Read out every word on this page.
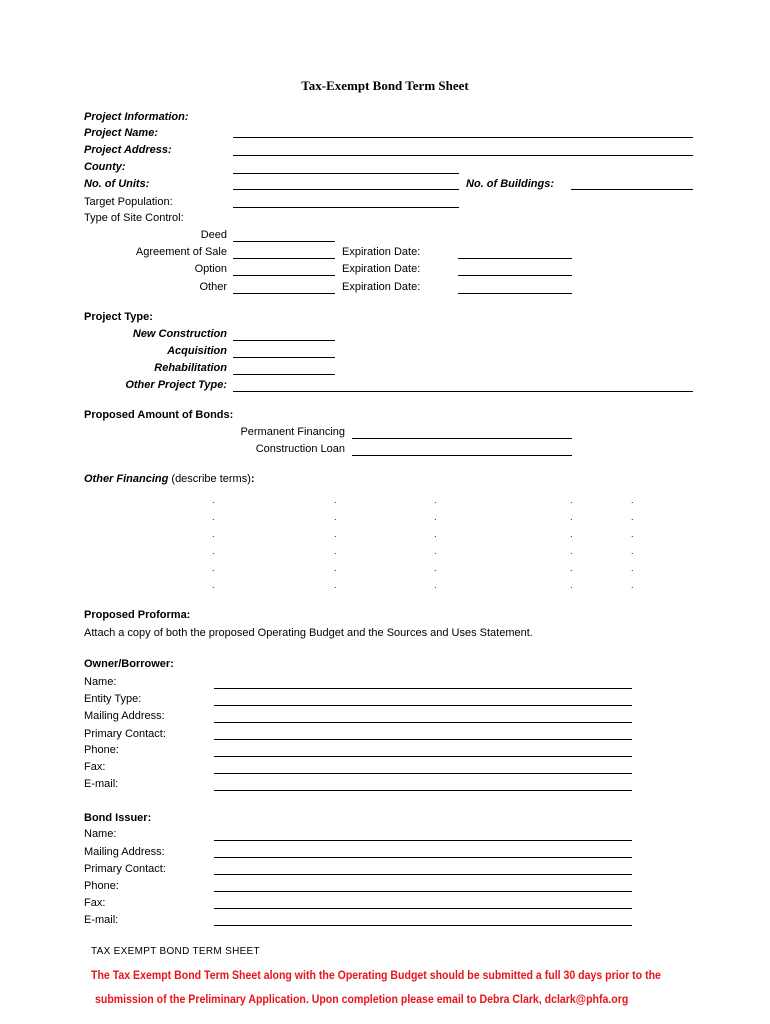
Tax-Exempt Bond Term Sheet
Project Information:
Project Name:
Project Address:
County:
No. of Units:	No. of Buildings:
Target Population:
Type of Site Control:
Deed
Agreement of Sale	Expiration Date:
Option	Expiration Date:
Other	Expiration Date:
Project Type:
New Construction
Acquisition
Rehabilitation
Other Project Type:
Proposed Amount of Bonds:
Permanent Financing
Construction Loan
Other Financing (describe terms):
.	.	.	.	.
.	.	.	.	.
.	.	.	.	.
.	.	.	.	.
.	.	.	.	.
.	.	.	.	.
Proposed Proforma:
Attach a copy of both the proposed Operating Budget and the Sources and Uses Statement.
Owner/Borrower:
Name:
Entity Type:
Mailing Address:
Primary Contact:
Phone:
Fax:
E-mail:
Bond Issuer:
Name:
Mailing Address:
Primary Contact:
Phone:
Fax:
E-mail:
TAX EXEMPT BOND TERM SHEET
The Tax Exempt Bond Term Sheet along with the Operating Budget should be submitted a full 30 days prior to the
submission of the Preliminary Application. Upon completion please email to Debra Clark, dclark@phfa.org
